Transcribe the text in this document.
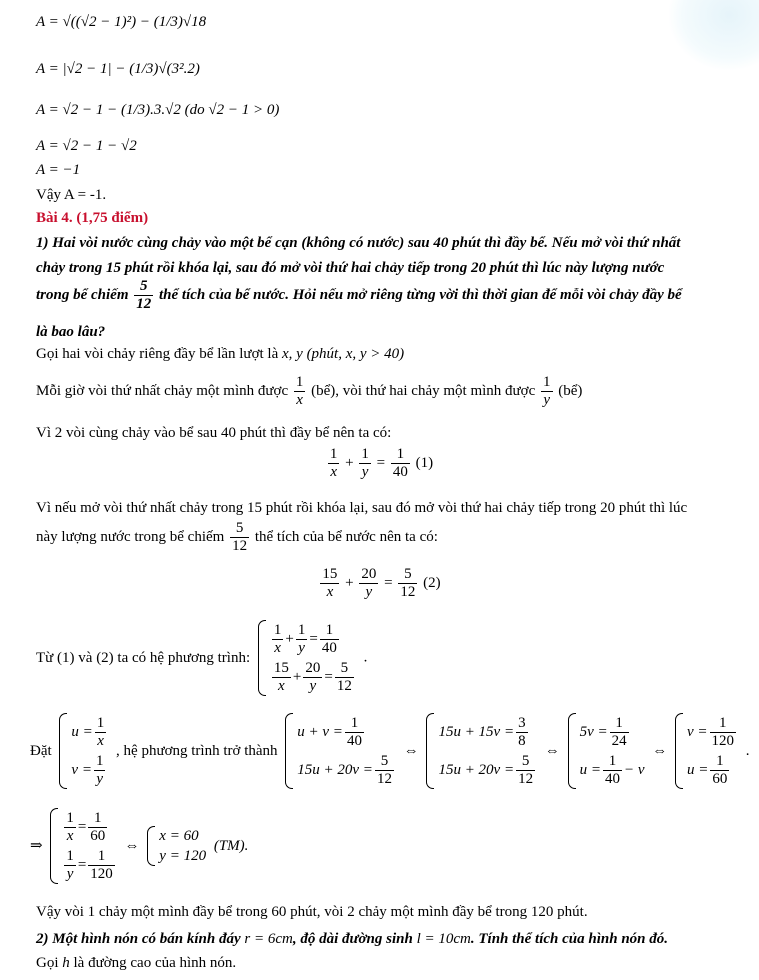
A = √((√2 − 1)²) − (1/3)√18
A = |√2 − 1| − (1/3)√(3².2)
A = √2 − 1 − (1/3).3.√2 (do √2 − 1 > 0)
A = √2 − 1 − √2
A = −1
Vậy A = -1.
Bài 4. (1,75 điểm)
1) Hai vòi nước cùng chảy vào một bể cạn (không có nước) sau 40 phút thì đầy bể. Nếu mở vòi thứ nhất
chảy trong 15 phút rồi khóa lại, sau đó mở vòi thứ hai chảy tiếp trong 20 phút thì lúc này lượng nước
trong bể chiếm $\frac{5}{12}$ thể tích của bể nước. Hỏi nếu mở riêng từng vời thì thời gian để mỗi vòi chảy đầy bể
là bao lâu?
Gọi hai vòi chảy riêng đầy bể lần lượt là x, y (phút, x, y > 40)
Mỗi giờ vòi thứ nhất chảy một mình được $\frac{1}{x}$ (bể), vòi thứ hai chảy một mình được $\frac{1}{y}$ (bể)
Vì 2 vòi cùng chảy vào bể sau 40 phút thì đầy bể nên ta có:
$\frac{1}{x} + \frac{1}{y} = \frac{1}{40} (1)$
Vì nếu mở vòi thứ nhất chảy trong 15 phút rồi khóa lại, sau đó mở vòi thứ hai chảy tiếp trong 20 phút thì lúc
này lượng nước trong bể chiếm $\frac{5}{12}$ thể tích của bể nước nên ta có:
$\frac{15}{x} + \frac{20}{y} = \frac{5}{12} (2)$
Từ (1) và (2) ta có hệ phương trình:
$\frac{1}{x} + \frac{1}{y} = \frac{1}{40}$
$\frac{15}{x} + \frac{20}{y} = \frac{5}{12}$
.
Đặt
$u = \frac{1}{x}$
$v = \frac{1}{y}$
, hệ phương trình trở thành
$u + v = \frac{1}{40}$
$15u + 20v = \frac{5}{12}$
⇔
$15u + 15v = \frac{3}{8}$
$15u + 20v = \frac{5}{12}$
⇔
$5v = \frac{1}{24}$
$u = \frac{1}{40} - v$
⇔
$v = \frac{1}{120}$
$u = \frac{1}{60}$
.
⇒
$\frac{1}{x} = \frac{1}{60}$
$\frac{1}{y} = \frac{1}{120}$
⇔
x = 60
y = 120
(TM).
Vậy vòi 1 chảy một mình đầy bể trong 60 phút, vòi 2 chảy một mình đầy bể trong 120 phút.
2) Một hình nón có bán kính đáy r = 6cm, độ dài đường sinh l = 10cm. Tính thể tích của hình nón đó.
Gọi h là đường cao của hình nón.
